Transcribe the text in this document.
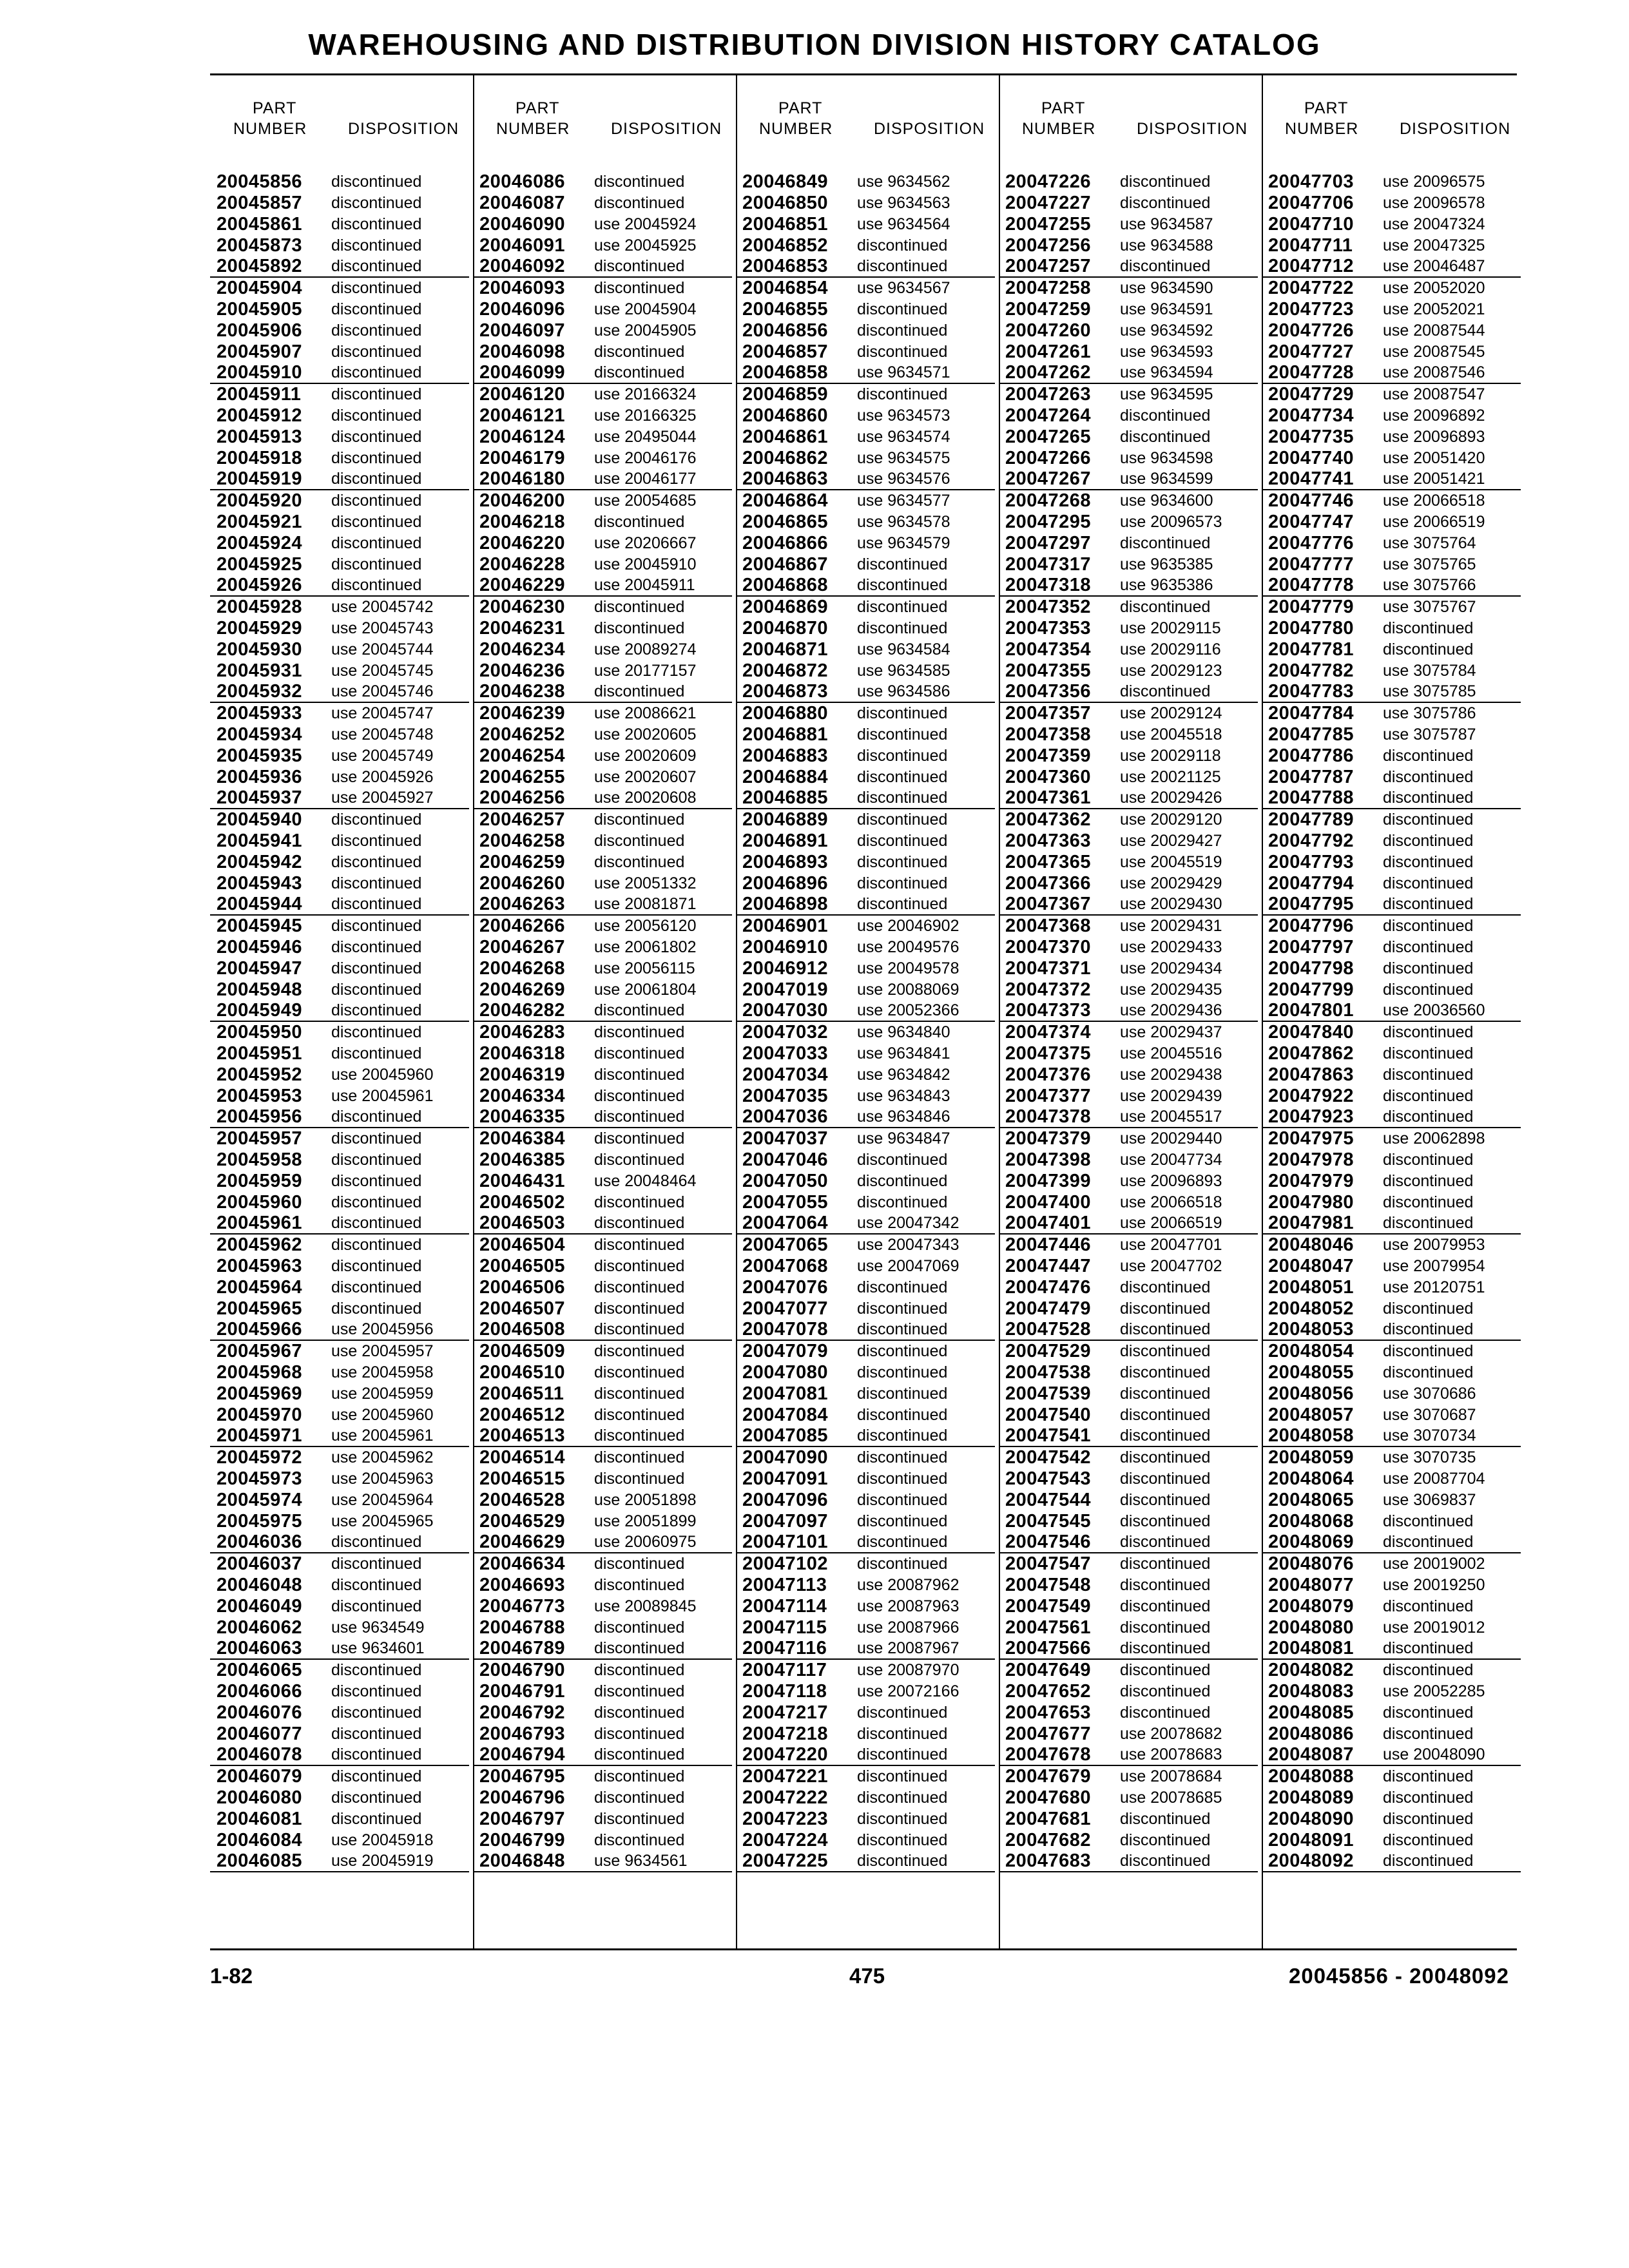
WAREHOUSING AND DISTRIBUTION DIVISION HISTORY CATALOG
PART
NUMBER	DISPOSITION
20045856	discontinued
20045857	discontinued
20045861	discontinued
20045873	discontinued
20045892	discontinued
20045904	discontinued
20045905	discontinued
20045906	discontinued
20045907	discontinued
20045910	discontinued
20045911	discontinued
20045912	discontinued
20045913	discontinued
20045918	discontinued
20045919	discontinued
20045920	discontinued
20045921	discontinued
20045924	discontinued
20045925	discontinued
20045926	discontinued
20045928	use 20045742
20045929	use 20045743
20045930	use 20045744
20045931	use 20045745
20045932	use 20045746
20045933	use 20045747
20045934	use 20045748
20045935	use 20045749
20045936	use 20045926
20045937	use 20045927
20045940	discontinued
20045941	discontinued
20045942	discontinued
20045943	discontinued
20045944	discontinued
20045945	discontinued
20045946	discontinued
20045947	discontinued
20045948	discontinued
20045949	discontinued
20045950	discontinued
20045951	discontinued
20045952	use 20045960
20045953	use 20045961
20045956	discontinued
20045957	discontinued
20045958	discontinued
20045959	discontinued
20045960	discontinued
20045961	discontinued
20045962	discontinued
20045963	discontinued
20045964	discontinued
20045965	discontinued
20045966	use 20045956
20045967	use 20045957
20045968	use 20045958
20045969	use 20045959
20045970	use 20045960
20045971	use 20045961
20045972	use 20045962
20045973	use 20045963
20045974	use 20045964
20045975	use 20045965
20046036	discontinued
20046037	discontinued
20046048	discontinued
20046049	discontinued
20046062	use 9634549
20046063	use 9634601
20046065	discontinued
20046066	discontinued
20046076	discontinued
20046077	discontinued
20046078	discontinued
20046079	discontinued
20046080	discontinued
20046081	discontinued
20046084	use 20045918
20046085	use 20045919
PART
NUMBER	DISPOSITION
20046086	discontinued
20046087	discontinued
20046090	use 20045924
20046091	use 20045925
20046092	discontinued
20046093	discontinued
20046096	use 20045904
20046097	use 20045905
20046098	discontinued
20046099	discontinued
20046120	use 20166324
20046121	use 20166325
20046124	use 20495044
20046179	use 20046176
20046180	use 20046177
20046200	use 20054685
20046218	discontinued
20046220	use 20206667
20046228	use 20045910
20046229	use 20045911
20046230	discontinued
20046231	discontinued
20046234	use 20089274
20046236	use 20177157
20046238	discontinued
20046239	use 20086621
20046252	use 20020605
20046254	use 20020609
20046255	use 20020607
20046256	use 20020608
20046257	discontinued
20046258	discontinued
20046259	discontinued
20046260	use 20051332
20046263	use 20081871
20046266	use 20056120
20046267	use 20061802
20046268	use 20056115
20046269	use 20061804
20046282	discontinued
20046283	discontinued
20046318	discontinued
20046319	discontinued
20046334	discontinued
20046335	discontinued
20046384	discontinued
20046385	discontinued
20046431	use 20048464
20046502	discontinued
20046503	discontinued
20046504	discontinued
20046505	discontinued
20046506	discontinued
20046507	discontinued
20046508	discontinued
20046509	discontinued
20046510	discontinued
20046511	discontinued
20046512	discontinued
20046513	discontinued
20046514	discontinued
20046515	discontinued
20046528	use 20051898
20046529	use 20051899
20046629	use 20060975
20046634	discontinued
20046693	discontinued
20046773	use 20089845
20046788	discontinued
20046789	discontinued
20046790	discontinued
20046791	discontinued
20046792	discontinued
20046793	discontinued
20046794	discontinued
20046795	discontinued
20046796	discontinued
20046797	discontinued
20046799	discontinued
20046848	use 9634561
PART
NUMBER	DISPOSITION
20046849	use 9634562
20046850	use 9634563
20046851	use 9634564
20046852	discontinued
20046853	discontinued
20046854	use 9634567
20046855	discontinued
20046856	discontinued
20046857	discontinued
20046858	use 9634571
20046859	discontinued
20046860	use 9634573
20046861	use 9634574
20046862	use 9634575
20046863	use 9634576
20046864	use 9634577
20046865	use 9634578
20046866	use 9634579
20046867	discontinued
20046868	discontinued
20046869	discontinued
20046870	discontinued
20046871	use 9634584
20046872	use 9634585
20046873	use 9634586
20046880	discontinued
20046881	discontinued
20046883	discontinued
20046884	discontinued
20046885	discontinued
20046889	discontinued
20046891	discontinued
20046893	discontinued
20046896	discontinued
20046898	discontinued
20046901	use 20046902
20046910	use 20049576
20046912	use 20049578
20047019	use 20088069
20047030	use 20052366
20047032	use 9634840
20047033	use 9634841
20047034	use 9634842
20047035	use 9634843
20047036	use 9634846
20047037	use 9634847
20047046	discontinued
20047050	discontinued
20047055	discontinued
20047064	use 20047342
20047065	use 20047343
20047068	use 20047069
20047076	discontinued
20047077	discontinued
20047078	discontinued
20047079	discontinued
20047080	discontinued
20047081	discontinued
20047084	discontinued
20047085	discontinued
20047090	discontinued
20047091	discontinued
20047096	discontinued
20047097	discontinued
20047101	discontinued
20047102	discontinued
20047113	use 20087962
20047114	use 20087963
20047115	use 20087966
20047116	use 20087967
20047117	use 20087970
20047118	use 20072166
20047217	discontinued
20047218	discontinued
20047220	discontinued
20047221	discontinued
20047222	discontinued
20047223	discontinued
20047224	discontinued
20047225	discontinued
PART
NUMBER	DISPOSITION
20047226	discontinued
20047227	discontinued
20047255	use 9634587
20047256	use 9634588
20047257	discontinued
20047258	use 9634590
20047259	use 9634591
20047260	use 9634592
20047261	use 9634593
20047262	use 9634594
20047263	use 9634595
20047264	discontinued
20047265	discontinued
20047266	use 9634598
20047267	use 9634599
20047268	use 9634600
20047295	use 20096573
20047297	discontinued
20047317	use 9635385
20047318	use 9635386
20047352	discontinued
20047353	use 20029115
20047354	use 20029116
20047355	use 20029123
20047356	discontinued
20047357	use 20029124
20047358	use 20045518
20047359	use 20029118
20047360	use 20021125
20047361	use 20029426
20047362	use 20029120
20047363	use 20029427
20047365	use 20045519
20047366	use 20029429
20047367	use 20029430
20047368	use 20029431
20047370	use 20029433
20047371	use 20029434
20047372	use 20029435
20047373	use 20029436
20047374	use 20029437
20047375	use 20045516
20047376	use 20029438
20047377	use 20029439
20047378	use 20045517
20047379	use 20029440
20047398	use 20047734
20047399	use 20096893
20047400	use 20066518
20047401	use 20066519
20047446	use 20047701
20047447	use 20047702
20047476	discontinued
20047479	discontinued
20047528	discontinued
20047529	discontinued
20047538	discontinued
20047539	discontinued
20047540	discontinued
20047541	discontinued
20047542	discontinued
20047543	discontinued
20047544	discontinued
20047545	discontinued
20047546	discontinued
20047547	discontinued
20047548	discontinued
20047549	discontinued
20047561	discontinued
20047566	discontinued
20047649	discontinued
20047652	discontinued
20047653	discontinued
20047677	use 20078682
20047678	use 20078683
20047679	use 20078684
20047680	use 20078685
20047681	discontinued
20047682	discontinued
20047683	discontinued
PART
NUMBER	DISPOSITION
20047703	use 20096575
20047706	use 20096578
20047710	use 20047324
20047711	use 20047325
20047712	use 20046487
20047722	use 20052020
20047723	use 20052021
20047726	use 20087544
20047727	use 20087545
20047728	use 20087546
20047729	use 20087547
20047734	use 20096892
20047735	use 20096893
20047740	use 20051420
20047741	use 20051421
20047746	use 20066518
20047747	use 20066519
20047776	use 3075764
20047777	use 3075765
20047778	use 3075766
20047779	use 3075767
20047780	discontinued
20047781	discontinued
20047782	use 3075784
20047783	use 3075785
20047784	use 3075786
20047785	use 3075787
20047786	discontinued
20047787	discontinued
20047788	discontinued
20047789	discontinued
20047792	discontinued
20047793	discontinued
20047794	discontinued
20047795	discontinued
20047796	discontinued
20047797	discontinued
20047798	discontinued
20047799	discontinued
20047801	use 20036560
20047840	discontinued
20047862	discontinued
20047863	discontinued
20047922	discontinued
20047923	discontinued
20047975	use 20062898
20047978	discontinued
20047979	discontinued
20047980	discontinued
20047981	discontinued
20048046	use 20079953
20048047	use 20079954
20048051	use 20120751
20048052	discontinued
20048053	discontinued
20048054	discontinued
20048055	discontinued
20048056	use 3070686
20048057	use 3070687
20048058	use 3070734
20048059	use 3070735
20048064	use 20087704
20048065	use 3069837
20048068	discontinued
20048069	discontinued
20048076	use 20019002
20048077	use 20019250
20048079	discontinued
20048080	use 20019012
20048081	discontinued
20048082	discontinued
20048083	use 20052285
20048085	discontinued
20048086	discontinued
20048087	use 20048090
20048088	discontinued
20048089	discontinued
20048090	discontinued
20048091	discontinued
20048092	discontinued
1-82	475	20045856 - 20048092
